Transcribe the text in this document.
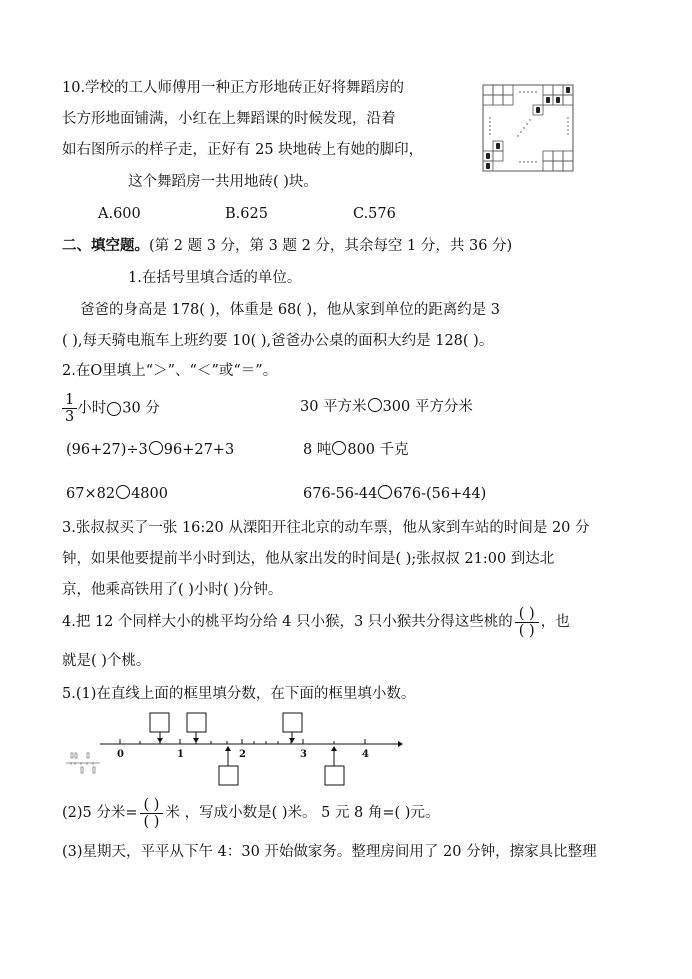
10.学校的工人师傅用一种正方形地砖正好将舞蹈房的
长方形地面铺满，小红在上舞蹈课的时候发现，沿着
如右图所示的样子走，正好有 25 块地砖上有她的脚印，
这个舞蹈房一共用地砖( )块。
A.600	B.625	C.576
二、填空题。(第 2 题 3 分，第 3 题 2 分，其余每空 1 分，共 36 分)
1.在括号里填合适的单位。
爸爸的身高是 178( )，体重是 68( )，他从家到单位的距离约是 3
( ),每天骑电瓶车上班约要 10( ),爸爸办公桌的面积大约是 128( )。
2.在O里填上“＞”、“＜”或“＝”。
$\frac{1}{3}$ 小时 30 分	30 平方米 300 平方分米
(96+27)÷3 96+27+3	8 吨 800 千克
67×82 4800	676-56-44 676-(56+44)
3.张叔叔买了一张 16:20 从溧阳开往北京的动车票，他从家到车站的时间是 20 分
钟，如果他要提前半小时到达，他从家出发的时间是( );张叔叔 21:00 到达北
京，他乘高铁用了( )小时( )分钟。
4.把 12 个同样大小的桃平均分给 4 只小猴，3 只小猴共分得这些桃的 $\frac{( )}{( )}$ ，也
就是( )个桃。
5.(1)在直线上面的框里填分数，在下面的框里填小数。
0	1	2	3	4
(2)5 分米= $\frac{( )}{( )}$ 米 ，写成小数是( )米。 5 元 8 角=( )元。
(3)星期天，平平从下午 4：30 开始做家务。整理房间用了 20 分钟，擦家具比整理
